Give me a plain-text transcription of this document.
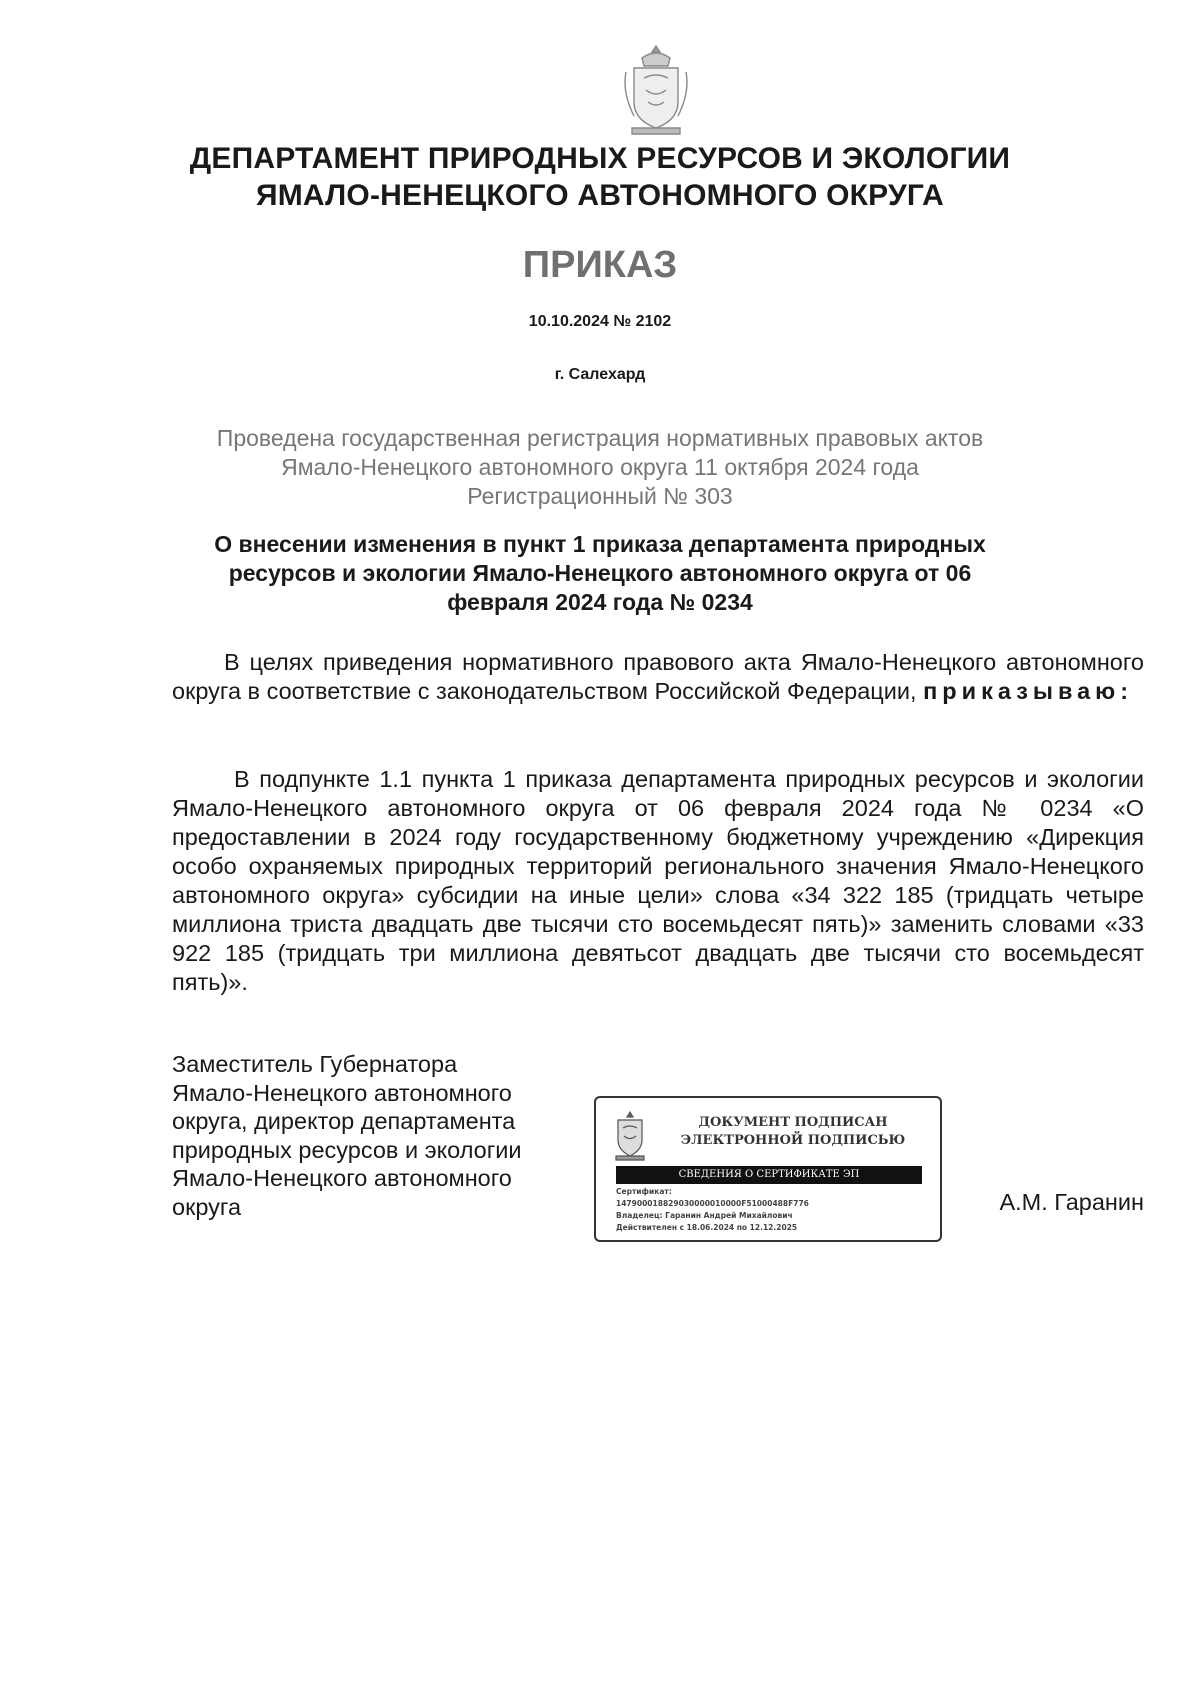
ДЕПАРТАМЕНТ ПРИРОДНЫХ РЕСУРСОВ И ЭКОЛОГИИ
ЯМАЛО-НЕНЕЦКОГО АВТОНОМНОГО ОКРУГА
ПРИКАЗ
10.10.2024 № 2102
г. Салехард
Проведена государственная регистрация нормативных правовых актов
Ямало-Ненецкого автономного округа 11 октября 2024 года
Регистрационный № 303
О внесении изменения в пункт 1 приказа департамента природных
ресурсов и экологии Ямало-Ненецкого автономного округа от 06
февраля 2024 года № 0234
В целях приведения нормативного правового акта Ямало-Ненецкого автономного округа в соответствие с законодательством Российской Федерации, приказываю:
В подпункте 1.1 пункта 1 приказа департамента природных ресурсов и экологии Ямало-Ненецкого автономного округа от 06 февраля 2024 года № 0234 «О предоставлении в 2024 году государственному бюджетному учреждению «Дирекция особо охраняемых природных территорий регионального значения Ямало-Ненецкого автономного округа» субсидии на иные цели» слова «34 322 185 (тридцать четыре миллиона триста двадцать две тысячи сто восемьдесят пять)» заменить словами «33 922 185 (тридцать три миллиона девятьсот двадцать две тысячи сто восемьдесят пять)».
Заместитель Губернатора
Ямало-Ненецкого автономного
округа, директор департамента
природных ресурсов и экологии
Ямало-Ненецкого автономного
округа
ДОКУМЕНТ ПОДПИСАН
ЭЛЕКТРОННОЙ ПОДПИСЬЮ
СВЕДЕНИЯ О СЕРТИФИКАТЕ ЭП
Сертификат:
147900018829030000010000F51000488F776
Владелец: Гаранин Андрей Михайлович
Действителен с 18.06.2024 по 12.12.2025
А.М. Гаранин
